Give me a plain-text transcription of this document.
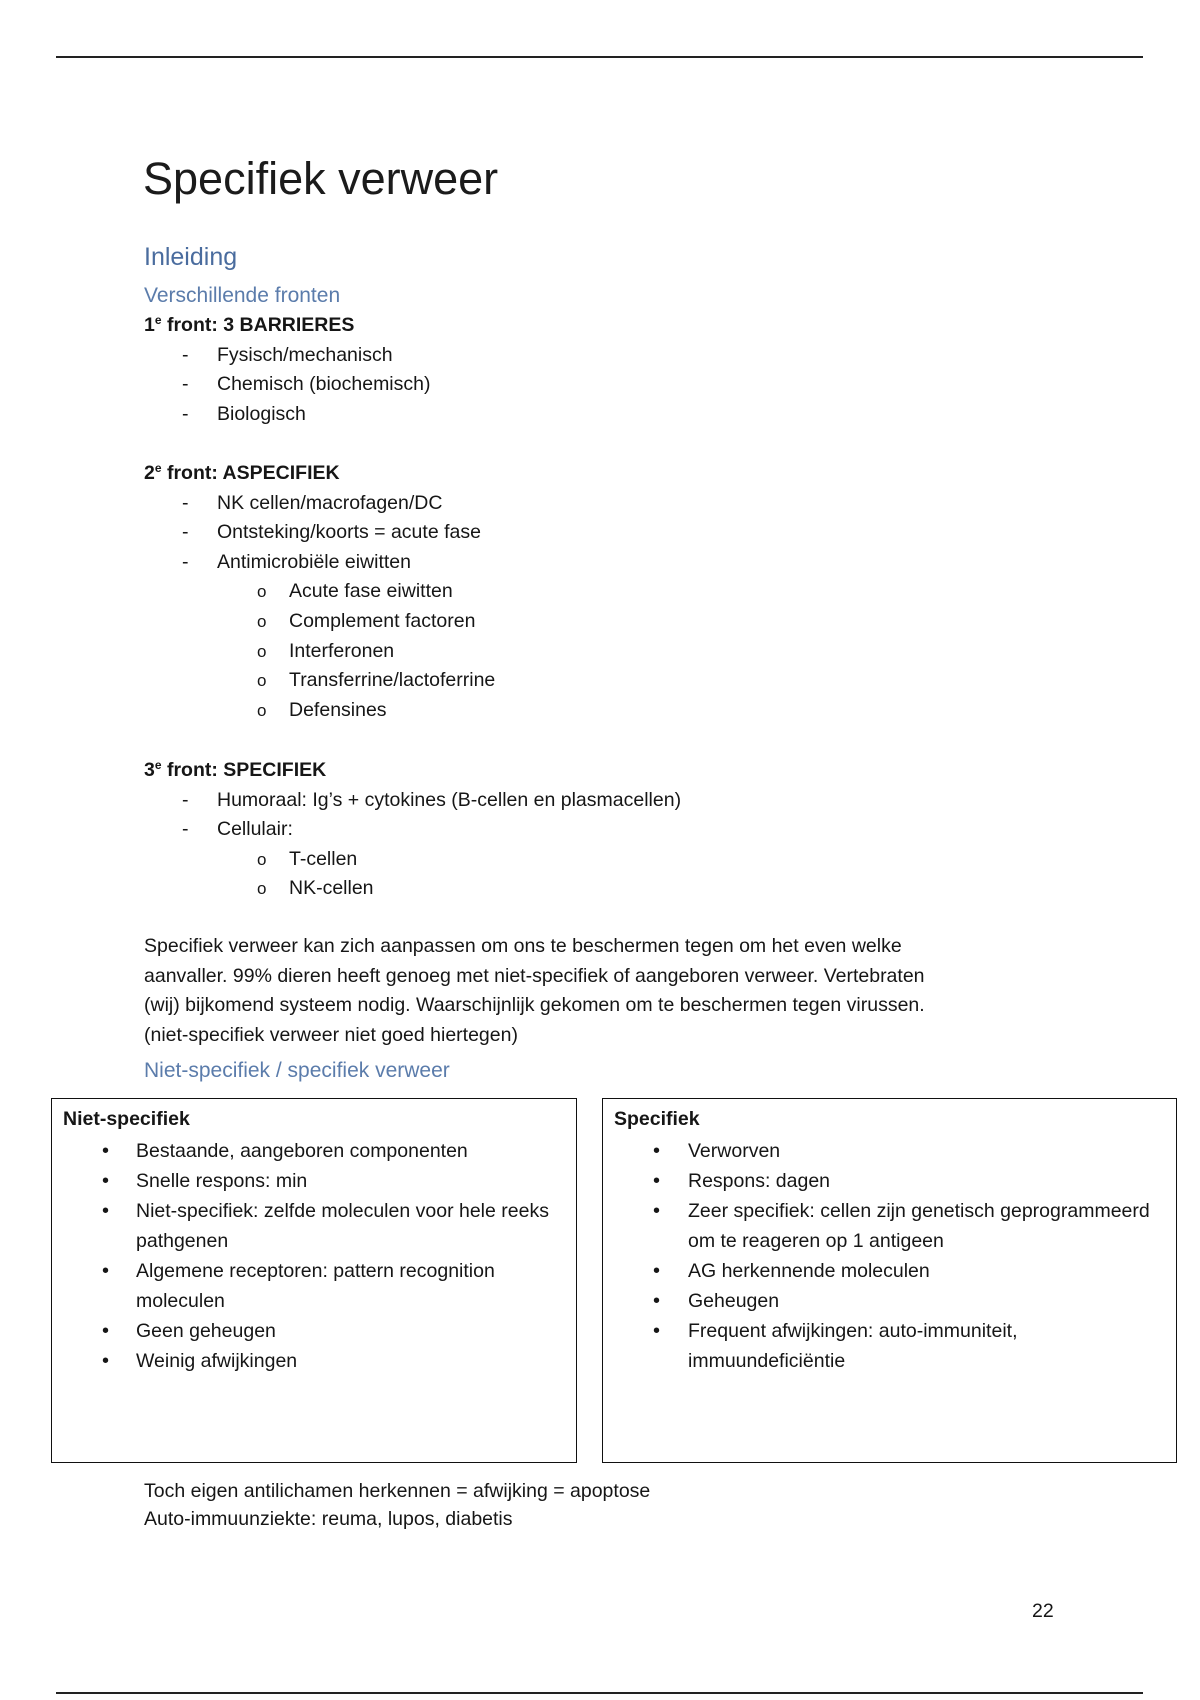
Specifiek verweer
Inleiding
Verschillende fronten
1e front: 3 BARRIERES
- Fysisch/mechanisch
- Chemisch (biochemisch)
- Biologisch
2e front: ASPECIFIEK
- NK cellen/macrofagen/DC
- Ontsteking/koorts = acute fase
- Antimicrobiële eiwitten
o Acute fase eiwitten
o Complement factoren
o Interferonen
o Transferrine/lactoferrine
o Defensines
3e front: SPECIFIEK
- Humoraal: Ig’s + cytokines (B-cellen en plasmacellen)
- Cellulair:
o T-cellen
o NK-cellen
Specifiek verweer kan zich aanpassen om ons te beschermen tegen om het even welke
aanvaller. 99% dieren heeft genoeg met niet-specifiek of aangeboren verweer. Vertebraten
(wij) bijkomend systeem nodig. Waarschijnlijk gekomen om te beschermen tegen virussen.
(niet-specifiek verweer niet goed hiertegen)
Niet-specifiek / specifiek verweer
Niet-specifiek
• Bestaande, aangeboren componenten
• Snelle respons: min
• Niet-specifiek: zelfde moleculen voor hele reeks pathgenen
• Algemene receptoren: pattern recognition moleculen
• Geen geheugen
• Weinig afwijkingen
Specifiek
• Verworven
• Respons: dagen
• Zeer specifiek: cellen zijn genetisch geprogrammeerd om te reageren op 1 antigeen
• AG herkennende moleculen
• Geheugen
• Frequent afwijkingen: auto-immuniteit, immuundeficiëntie
Toch eigen antilichamen herkennen = afwijking = apoptose
Auto-immuunziekte: reuma, lupos, diabetis
22
